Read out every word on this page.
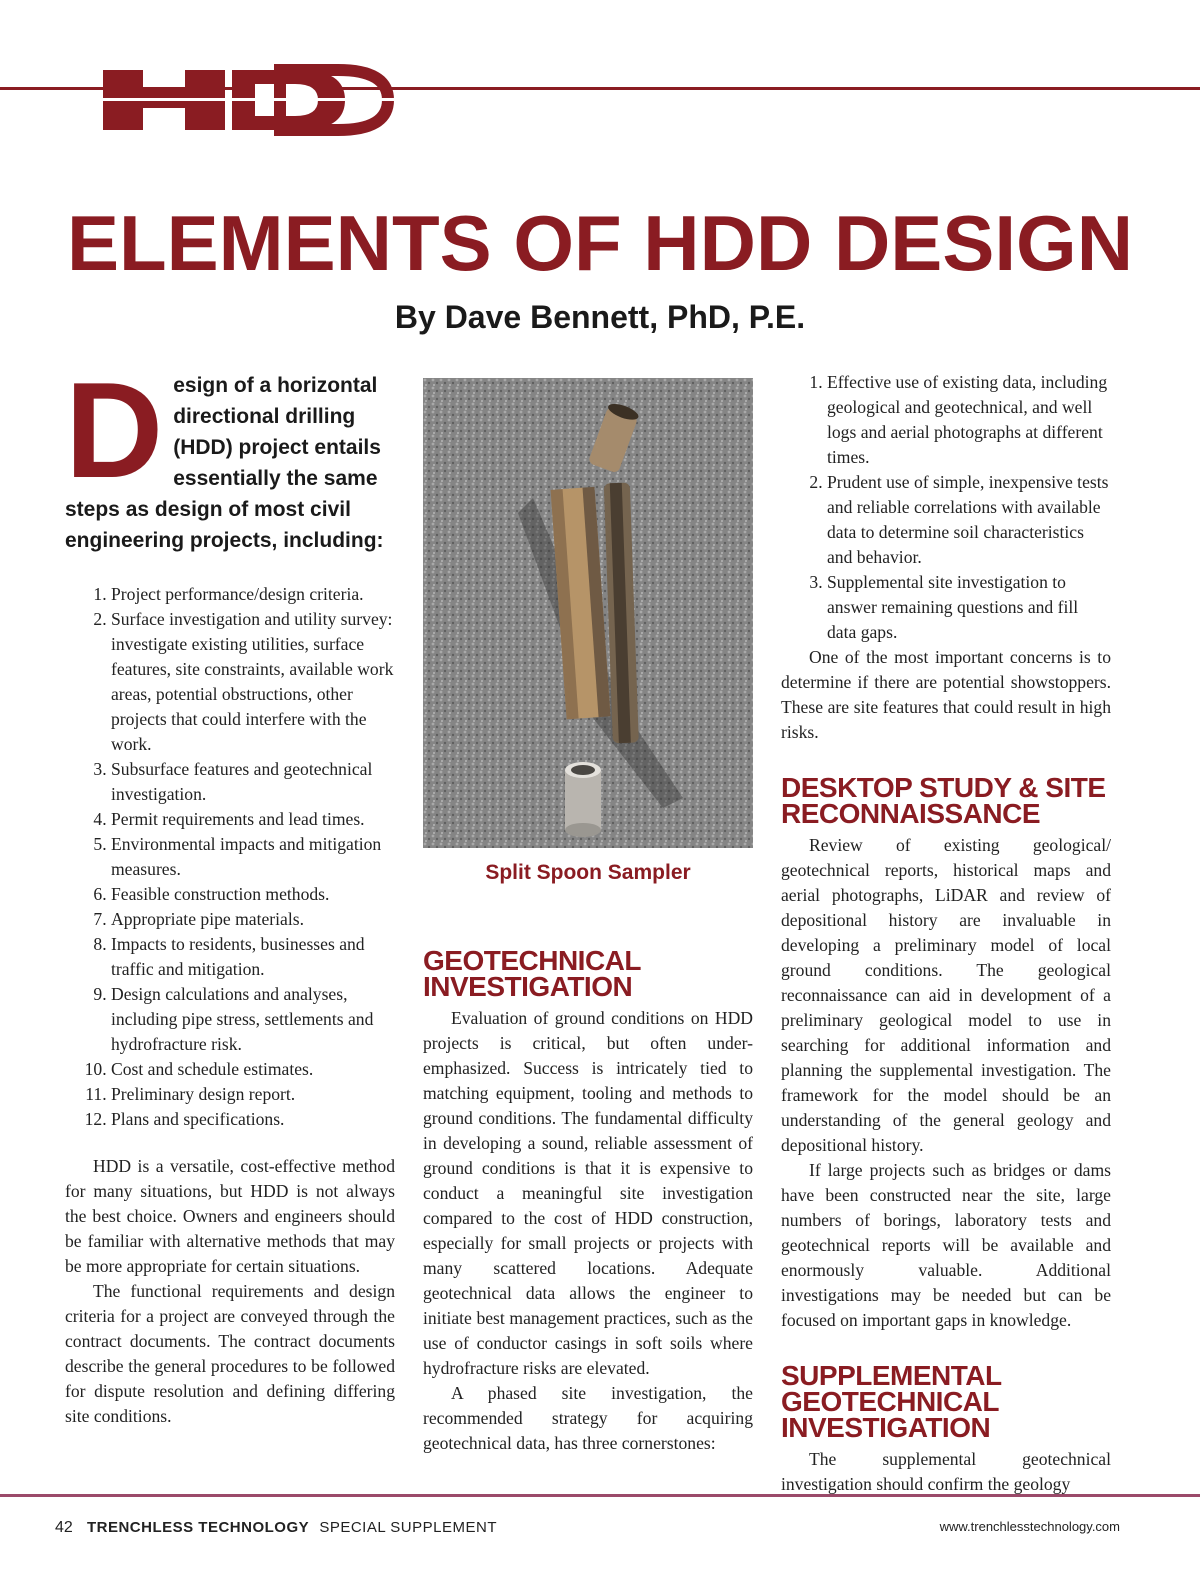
ELEMENTS OF HDD DESIGN
By Dave Bennett, PhD, P.E.

D esign of a horizontal directional drilling (HDD) project entails essentially the same steps as design of most civil engineering projects, including:

1. Project performance/design criteria.
2. Surface investigation and utility survey: investigate existing utilities, surface features, site constraints, available work areas, potential obstructions, other projects that could interfere with the work.
3. Subsurface features and geotechnical investigation.
4. Permit requirements and lead times.
5. Environmental impacts and mitigation measures.
6. Feasible construction methods.
7. Appropriate pipe materials.
8. Impacts to residents, businesses and traffic and mitigation.
9. Design calculations and analyses, including pipe stress, settlements and hydrofracture risk.
10. Cost and schedule estimates.
11. Preliminary design report.
12. Plans and specifications.

HDD is a versatile, cost-effective method for many situations, but HDD is not always the best choice. Owners and engineers should be familiar with alternative methods that may be more appropriate for certain situations.

The functional requirements and design criteria for a project are conveyed through the contract documents. The contract documents describe the general procedures to be followed for dispute resolution and defining differing site conditions.

Split Spoon Sampler
GEOTECHNICAL
INVESTIGATION

Evaluation of ground conditions on HDD projects is critical, but often under-emphasized. Success is intricately tied to matching equipment, tooling and methods to ground conditions. The fundamental difficulty in developing a sound, reliable assessment of ground conditions is that it is expensive to conduct a meaningful site investigation compared to the cost of HDD construction, especially for small projects or projects with many scattered locations. Adequate geotechnical data allows the engineer to initiate best management practices, such as the use of conductor casings in soft soils where hydrofracture risks are elevated.

A phased site investigation, the recommended strategy for acquiring geotechnical data, has three cornerstones:

1. Effective use of existing data, including geological and geotechnical, and well logs and aerial photographs at different times.
2. Prudent use of simple, inexpensive tests and reliable correlations with available data to determine soil characteristics and behavior.
3. Supplemental site investigation to answer remaining questions and fill data gaps.

One of the most important concerns is to determine if there are potential showstoppers. These are site features that could result in high risks.

DESKTOP STUDY & SITE
RECONNAISSANCE

Review of existing geological/ geotechnical reports, historical maps and aerial photographs, LiDAR and review of depositional history are invaluable in developing a preliminary model of local ground conditions. The geological reconnaissance can aid in development of a preliminary geological model to use in searching for additional information and planning the supplemental investigation. The framework for the model should be an understanding of the general geology and depositional history.

If large projects such as bridges or dams have been constructed near the site, large numbers of borings, laboratory tests and geotechnical reports will be available and enormously valuable. Additional investigations may be needed but can be focused on important gaps in knowledge.

SUPPLEMENTAL
GEOTECHNICAL
INVESTIGATION

The supplemental geotechnical investigation should confirm the geology

42 TRENCHLESS TECHNOLOGY SPECIAL SUPPLEMENT	www.trenchlesstechnology.com
